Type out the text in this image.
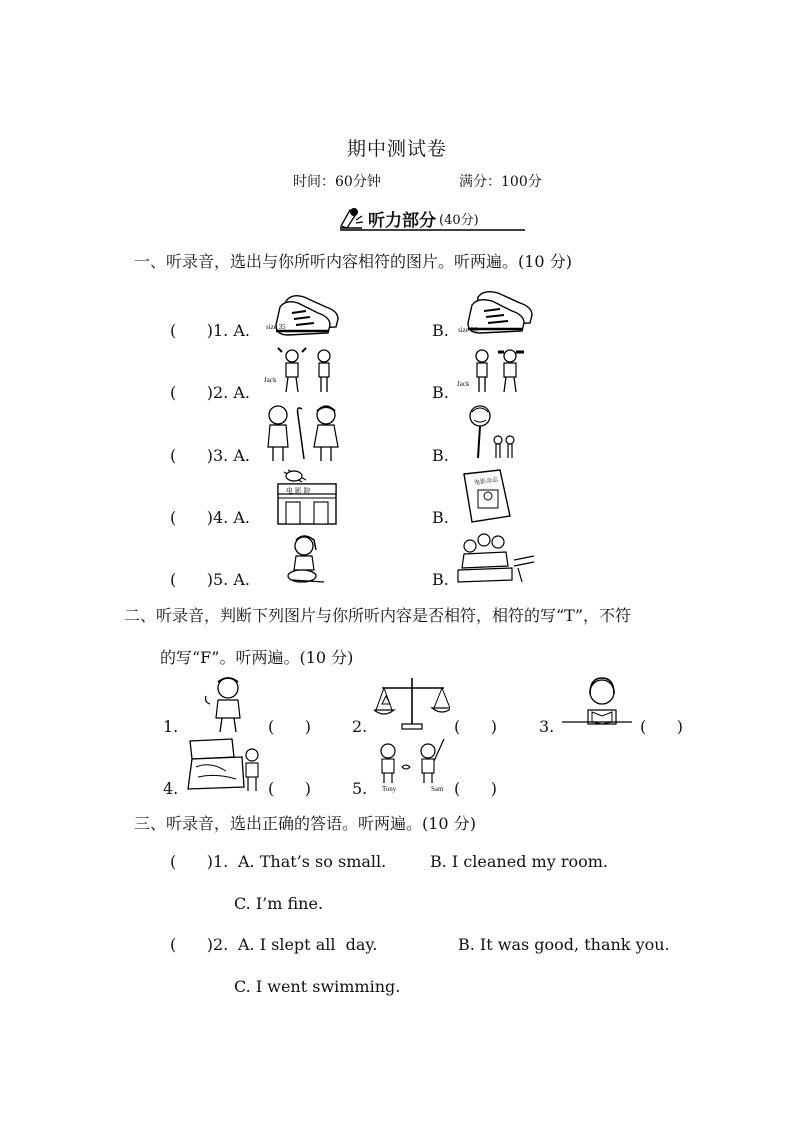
期中测试卷
时间：60分钟	满分：100分
听力部分 (40分)
一、听录音，选出与你所听内容相符的图片。听两遍。(10 分)
(      )1. A. size 35	B. size 36
(      )2. A.
Jack
B. Jack
(      )3. A.	B.
(      )4. A.
电 影 院
B.
电影杂志
(      )5. A.	B.
二、听录音，判断下列图片与你所听内容是否相符，相符的写“T”，不符
的写“F”。听两遍。(10 分)
1.	(      )	2.	(      )	3.	(      )
4.	(      )	5. Tony	Sam (      )
三、听录音，选出正确的答语。听两遍。(10 分)
(      )1. A. That’s so small.	B. I cleaned my room.
C. I’m fine.
(      )2. A. I slept all  day.	B. It was good, thank you.
C. I went swimming.
